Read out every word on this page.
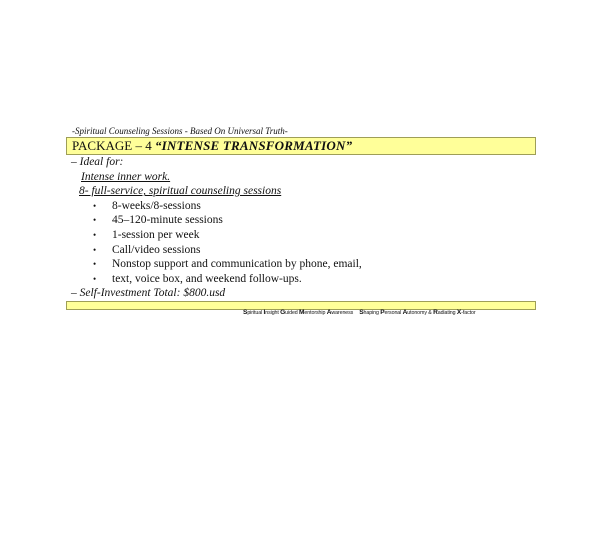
-Spiritual Counseling Sessions - Based On Universal Truth-
PACKAGE – 4 “INTENSE TRANSFORMATION”
– Ideal for:
Intense inner work.
8- full-service, spiritual counseling sessions
• 8-weeks/8-sessions
• 45–120-minute sessions
• 1-session per week
• Call/video sessions
• Nonstop support and communication by phone, email,
• text, voice box, and weekend follow-ups.
– Self-Investment Total: $800.usd
Spiritual Insight Guided Mentorship Awareness Shaping Personal Autonomy & Radiating X-factor
